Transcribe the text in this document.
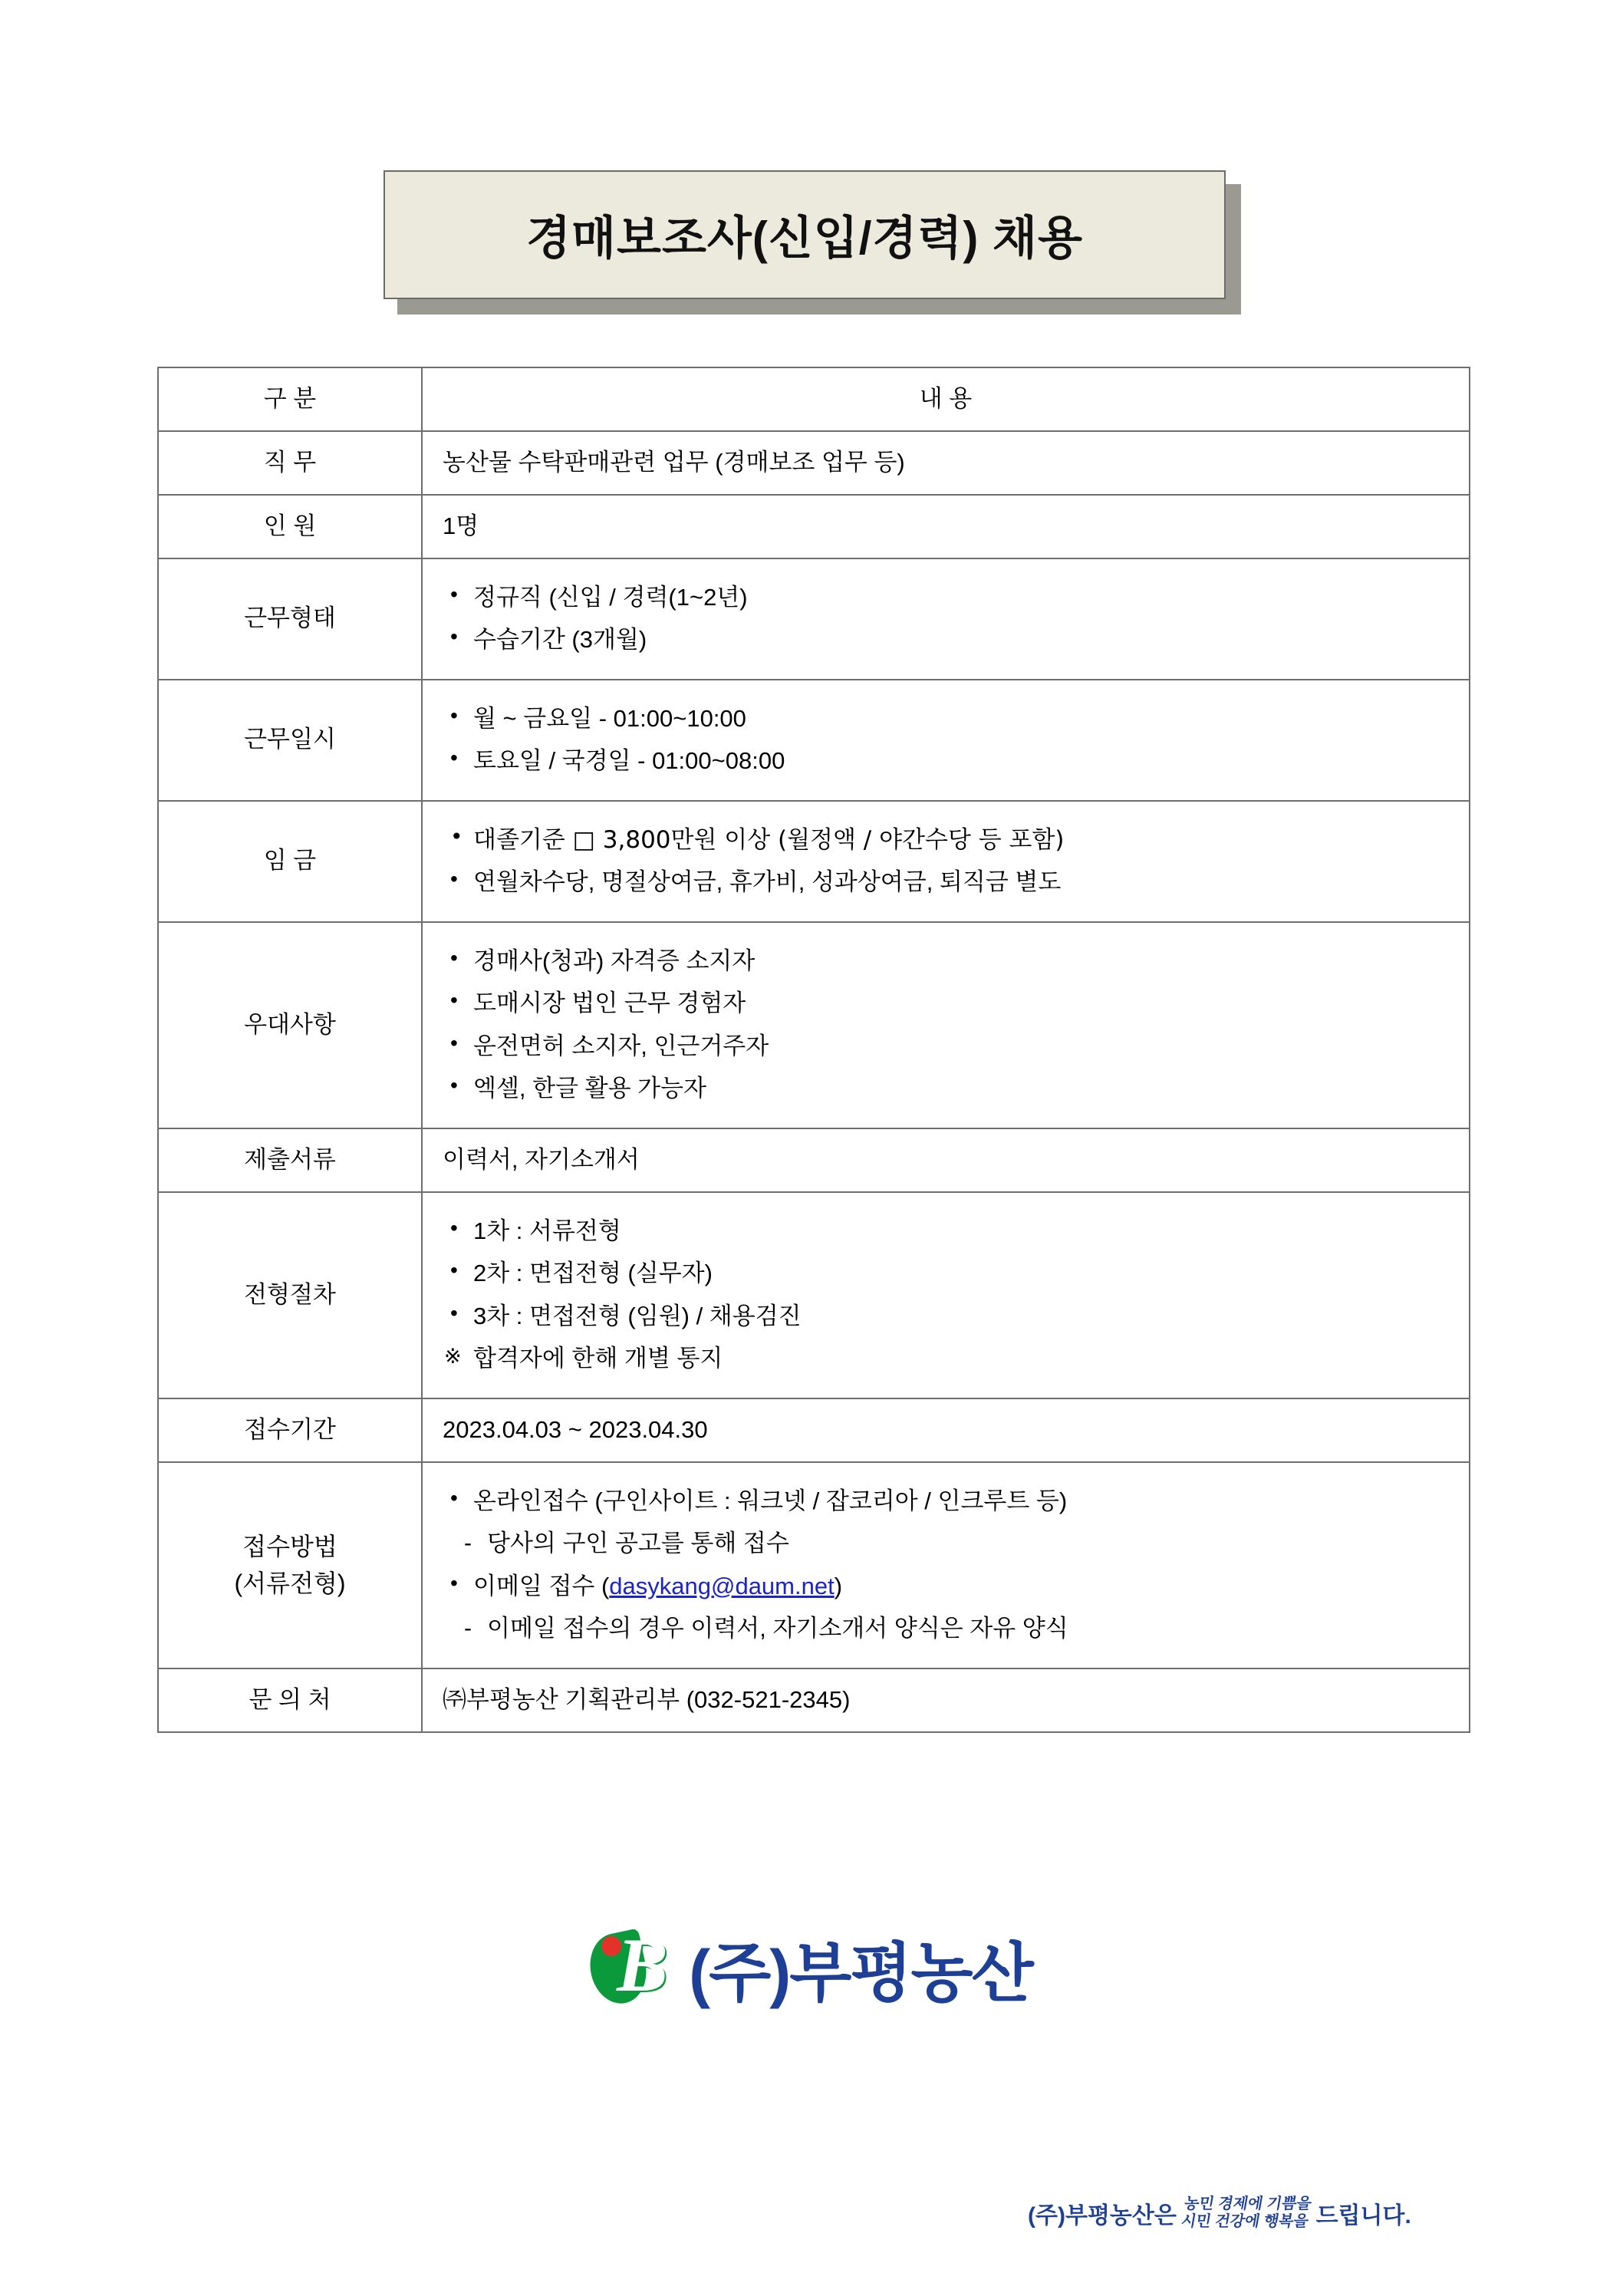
경매보조사(신입/경력) 채용
구 분	내 용
직 무	농산물 수탁판매관련 업무 (경매보조 업무 등)

인 원	1명

근무형태	
• 정규직 (신입 / 경력(1~2년)
• 수습기간 (3개월)

근무일시	
• 월 ~ 금요일 - 01:00~10:00
• 토요일 / 국경일 - 01:00~08:00

임 금	
• 대졸기준 □ 3,800만원 이상 (월정액 / 야간수당 등 포함)
• 연월차수당, 명절상여금, 휴가비, 성과상여금, 퇴직금 별도

우대사항	
• 경매사(청과) 자격증 소지자
• 도매시장 법인 근무 경험자
• 운전면허 소지자, 인근거주자
• 엑셀, 한글 활용 가능자

제출서류	이력서, 자기소개서

전형절차	
• 1차 : 서류전형
• 2차 : 면접전형 (실무자)
• 3차 : 면접전형 (임원) / 채용검진
※ 합격자에 한해 개별 통지

접수기간	2023.04.03 ~ 2023.04.30

접수방법
(서류전형)

• 온라인접수 (구인사이트 : 워크넷 / 잡코리아 / 인크루트 등)
- 당사의 구인 공고를 통해 접수
• 이메일 접수 (dasykang@daum.net)
- 이메일 접수의 경우 이력서, 자기소개서 양식은 자유 양식

문 의 처	㈜부평농산 기획관리부 (032-521-2345)
B (주)부평농산
(주)부평농산은 농민 경제에 기쁨을
시민 건강에 행복을 드립니다.
